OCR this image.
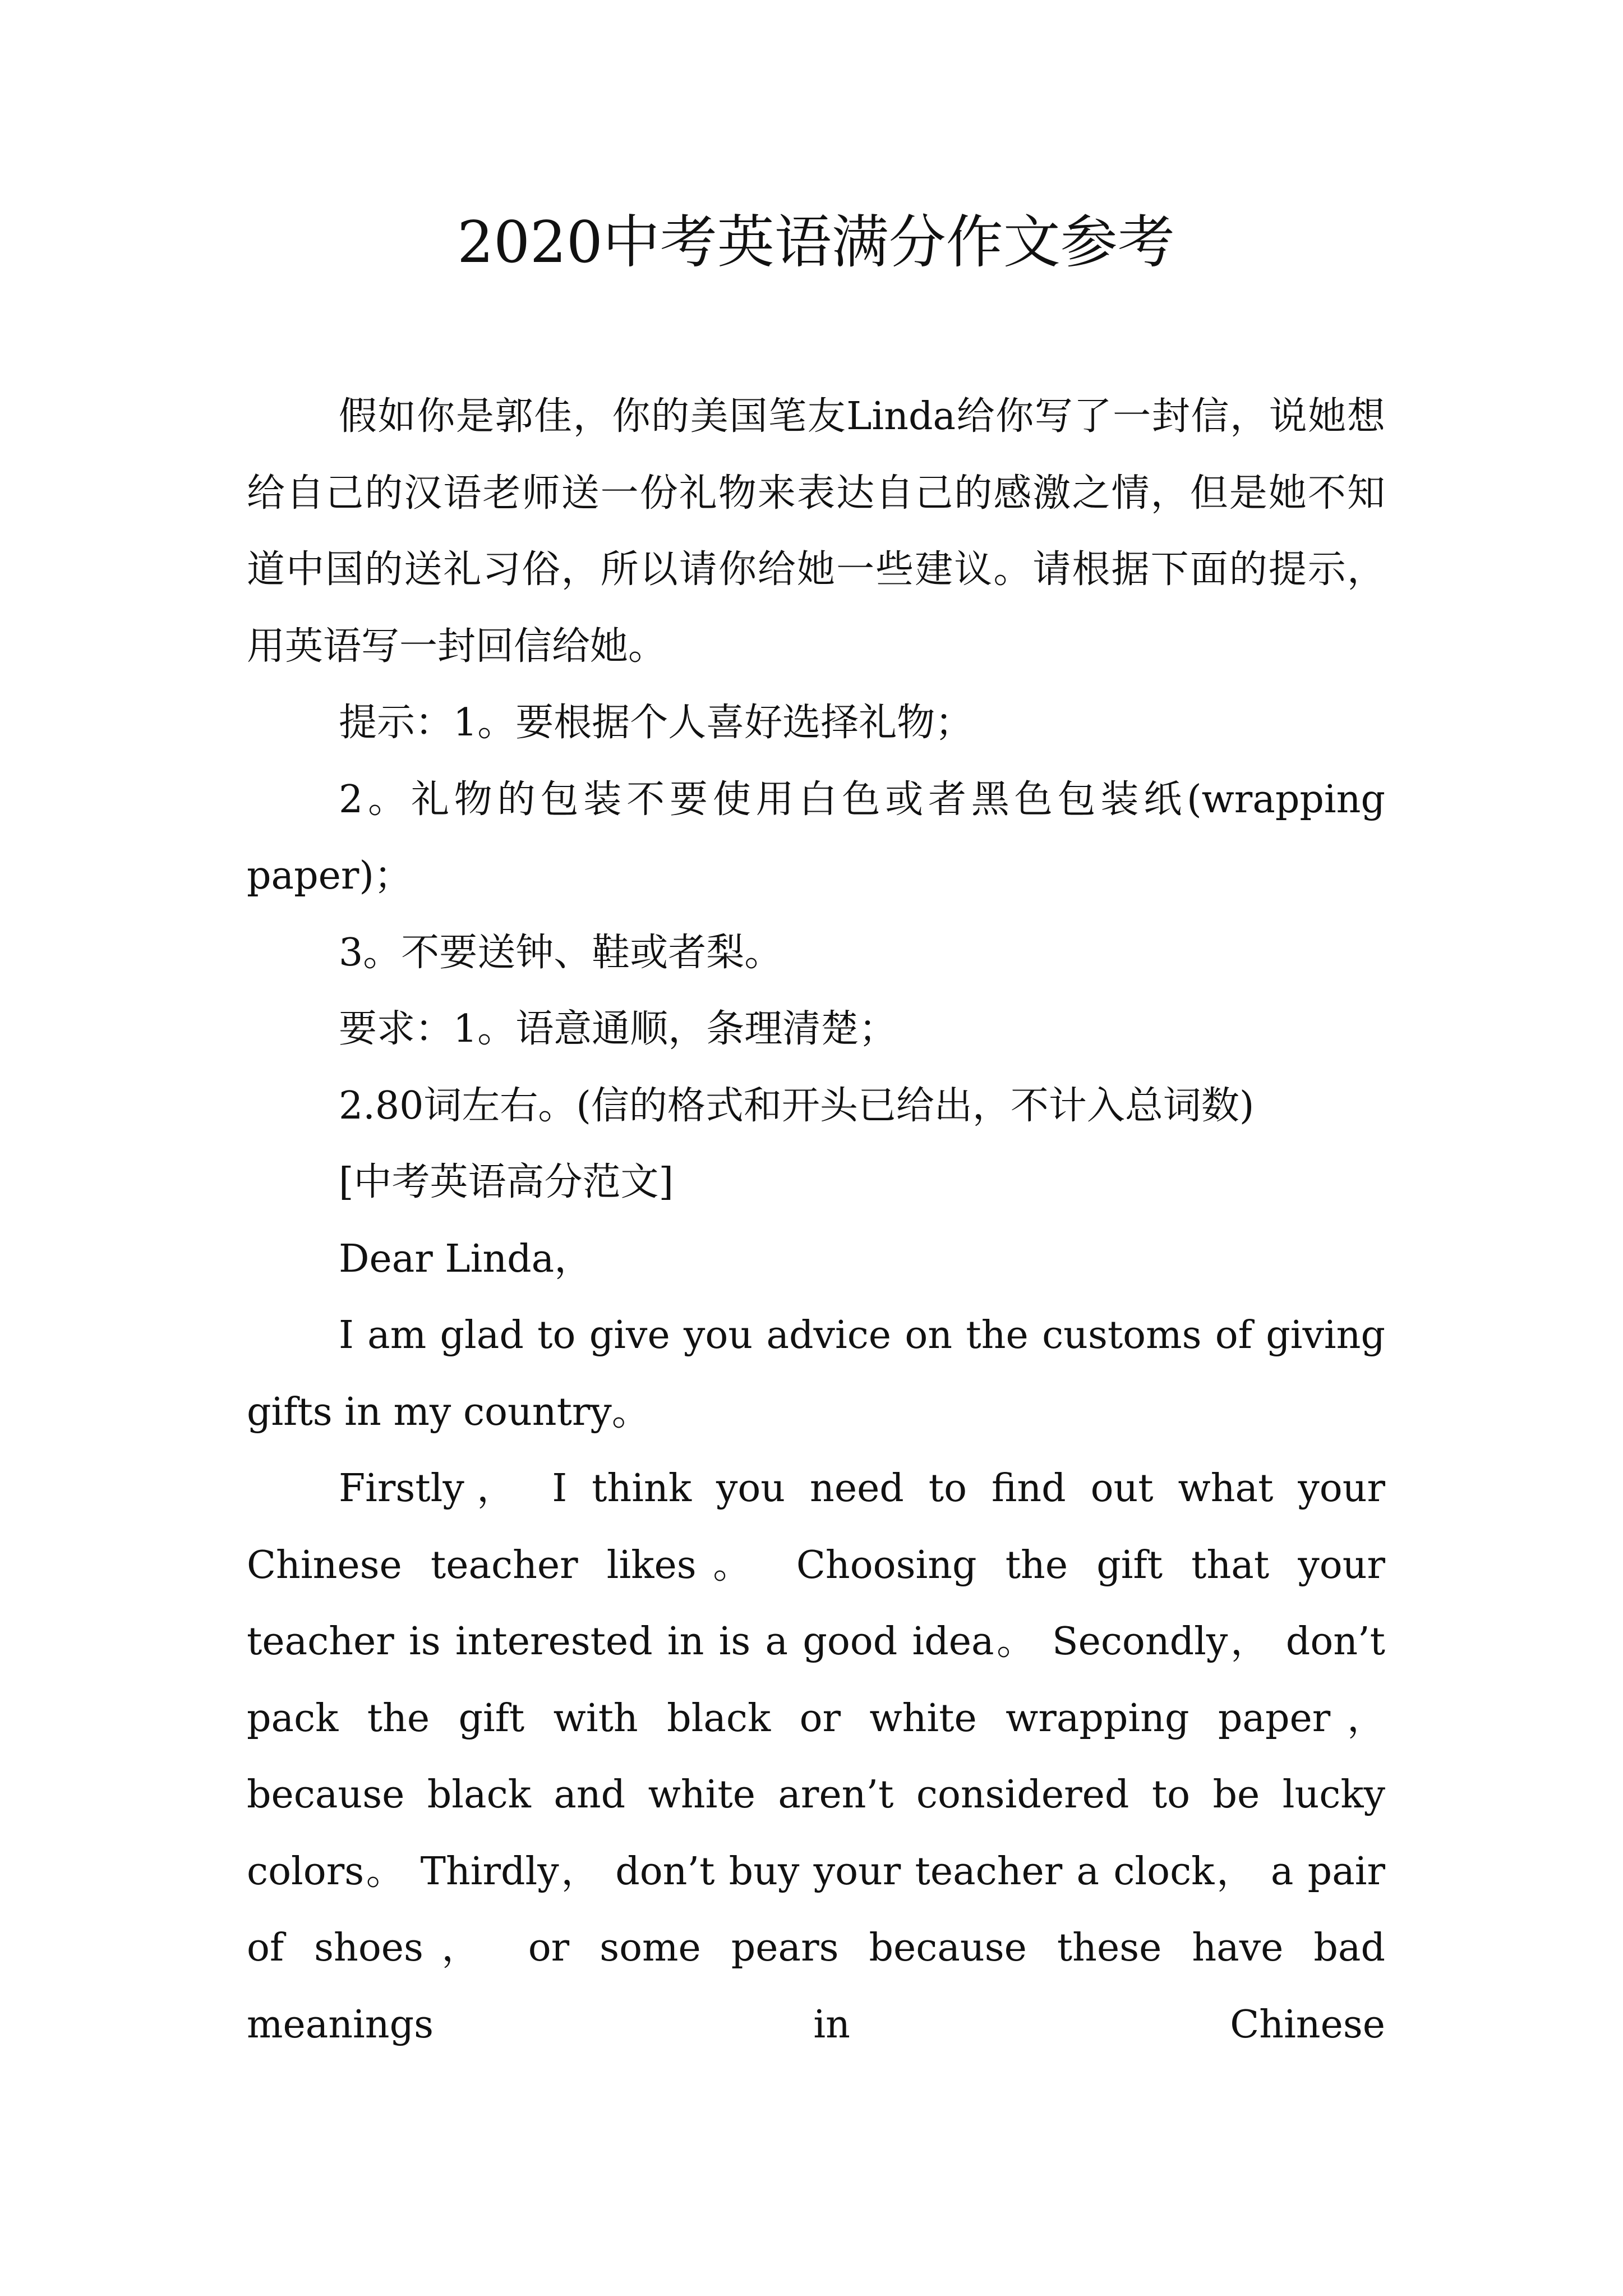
2020中考英语满分作文参考

假如你是郭佳，你的美国笔友Linda给你写了一封信，说她想给自己的汉语老师送一份礼物来表达自己的感激之情，但是她不知道中国的送礼习俗，所以请你给她一些建议。请根据下面的提示，用英语写一封回信给她。

提示：1。要根据个人喜好选择礼物；

2。礼物的包装不要使用白色或者黑色包装纸(wrapping paper)；

3。不要送钟、鞋或者梨。

要求：1。语意通顺，条理清楚；

2.80词左右。(信的格式和开头已给出，不计入总词数)

[中考英语高分范文]

Dear Linda，

I am glad to give you advice on the customs of giving gifts in my country。

Firstly， I think you need to find out what your Chinese teacher likes。 Choosing the gift that your teacher is interested in is a good idea。 Secondly， don’t pack the gift with black or white wrapping paper， because black and white aren’t considered to be lucky colors。 Thirdly， don’t buy your teacher a clock， a pair of shoes， or some pears because these have bad meanings in Chinese
